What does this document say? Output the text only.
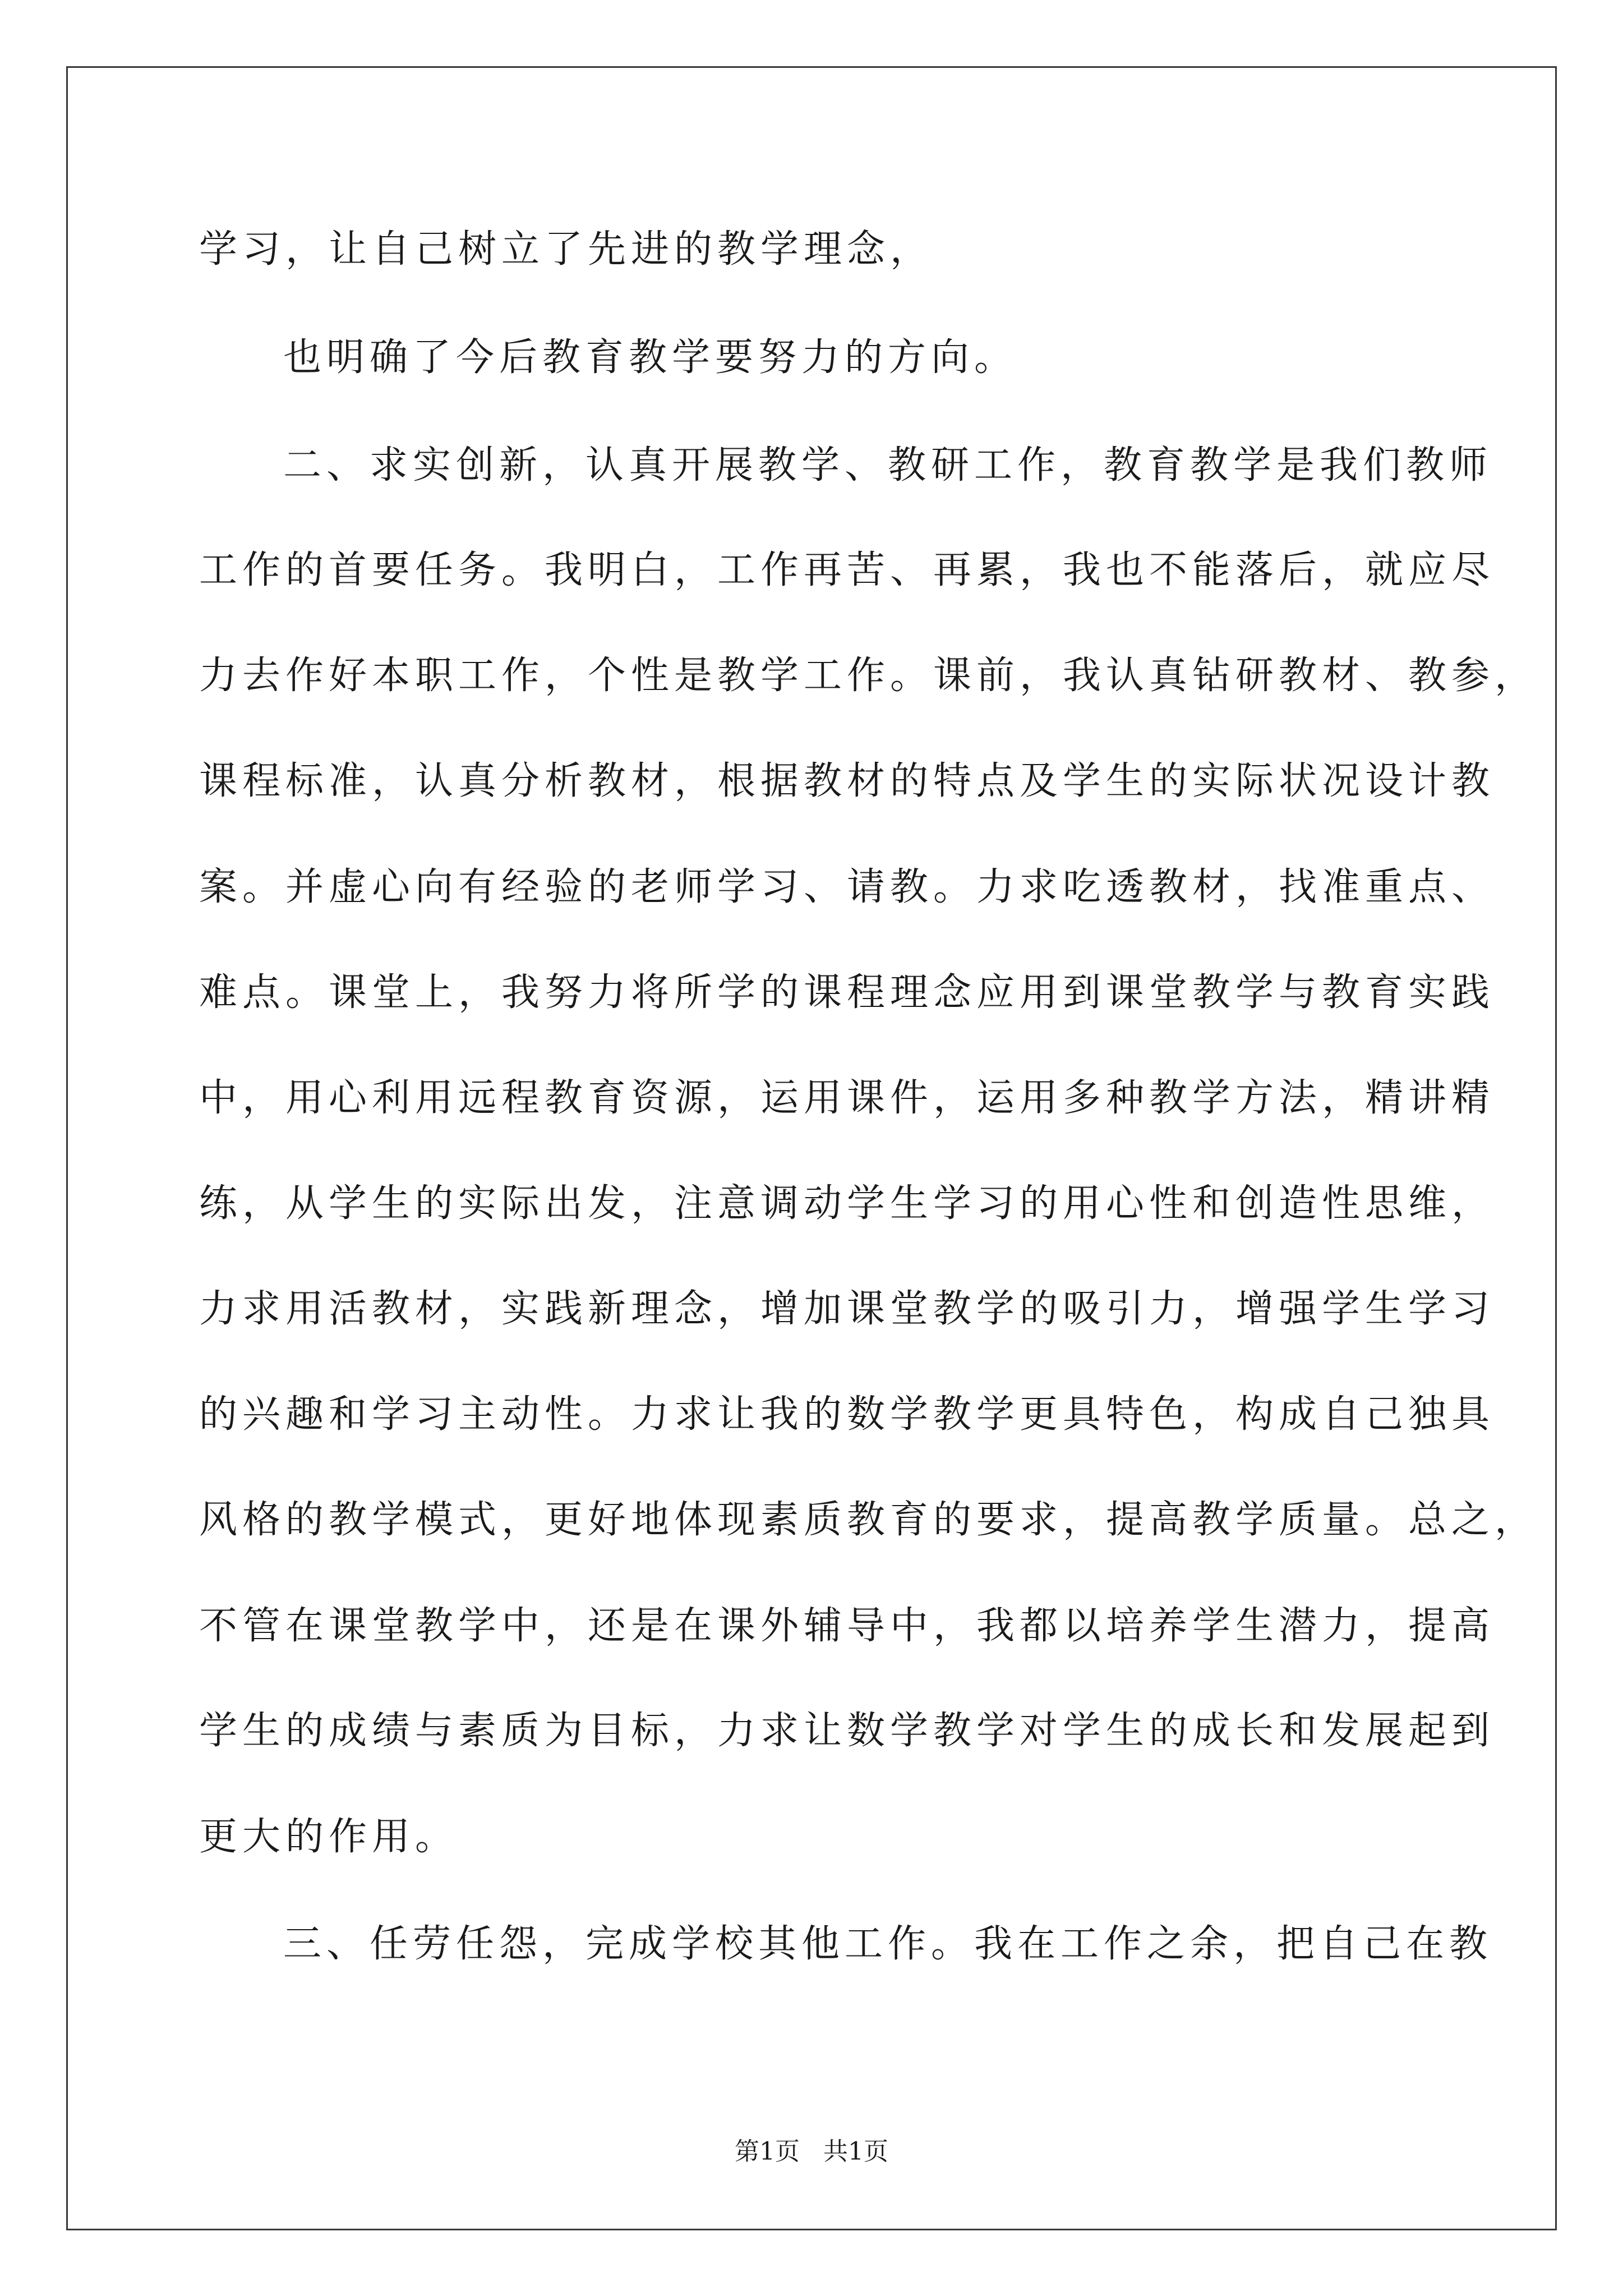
学习，让自己树立了先进的教学理念，
也明确了今后教育教学要努力的方向。
二、求实创新，认真开展教学、教研工作，教育教学是我们教师
工作的首要任务。我明白，工作再苦、再累，我也不能落后，就应尽
力去作好本职工作，个性是教学工作。课前，我认真钻研教材、教参，
课程标准，认真分析教材，根据教材的特点及学生的实际状况设计教
案。并虚心向有经验的老师学习、请教。力求吃透教材，找准重点、
难点。课堂上，我努力将所学的课程理念应用到课堂教学与教育实践
中，用心利用远程教育资源，运用课件，运用多种教学方法，精讲精
练，从学生的实际出发，注意调动学生学习的用心性和创造性思维，
力求用活教材，实践新理念，增加课堂教学的吸引力，增强学生学习
的兴趣和学习主动性。力求让我的数学教学更具特色，构成自己独具
风格的教学模式，更好地体现素质教育的要求，提高教学质量。总之，
不管在课堂教学中，还是在课外辅导中，我都以培养学生潜力，提高
学生的成绩与素质为目标，力求让数学教学对学生的成长和发展起到
更大的作用。
三、任劳任怨，完成学校其他工作。我在工作之余，把自己在教
第1页   共1页
